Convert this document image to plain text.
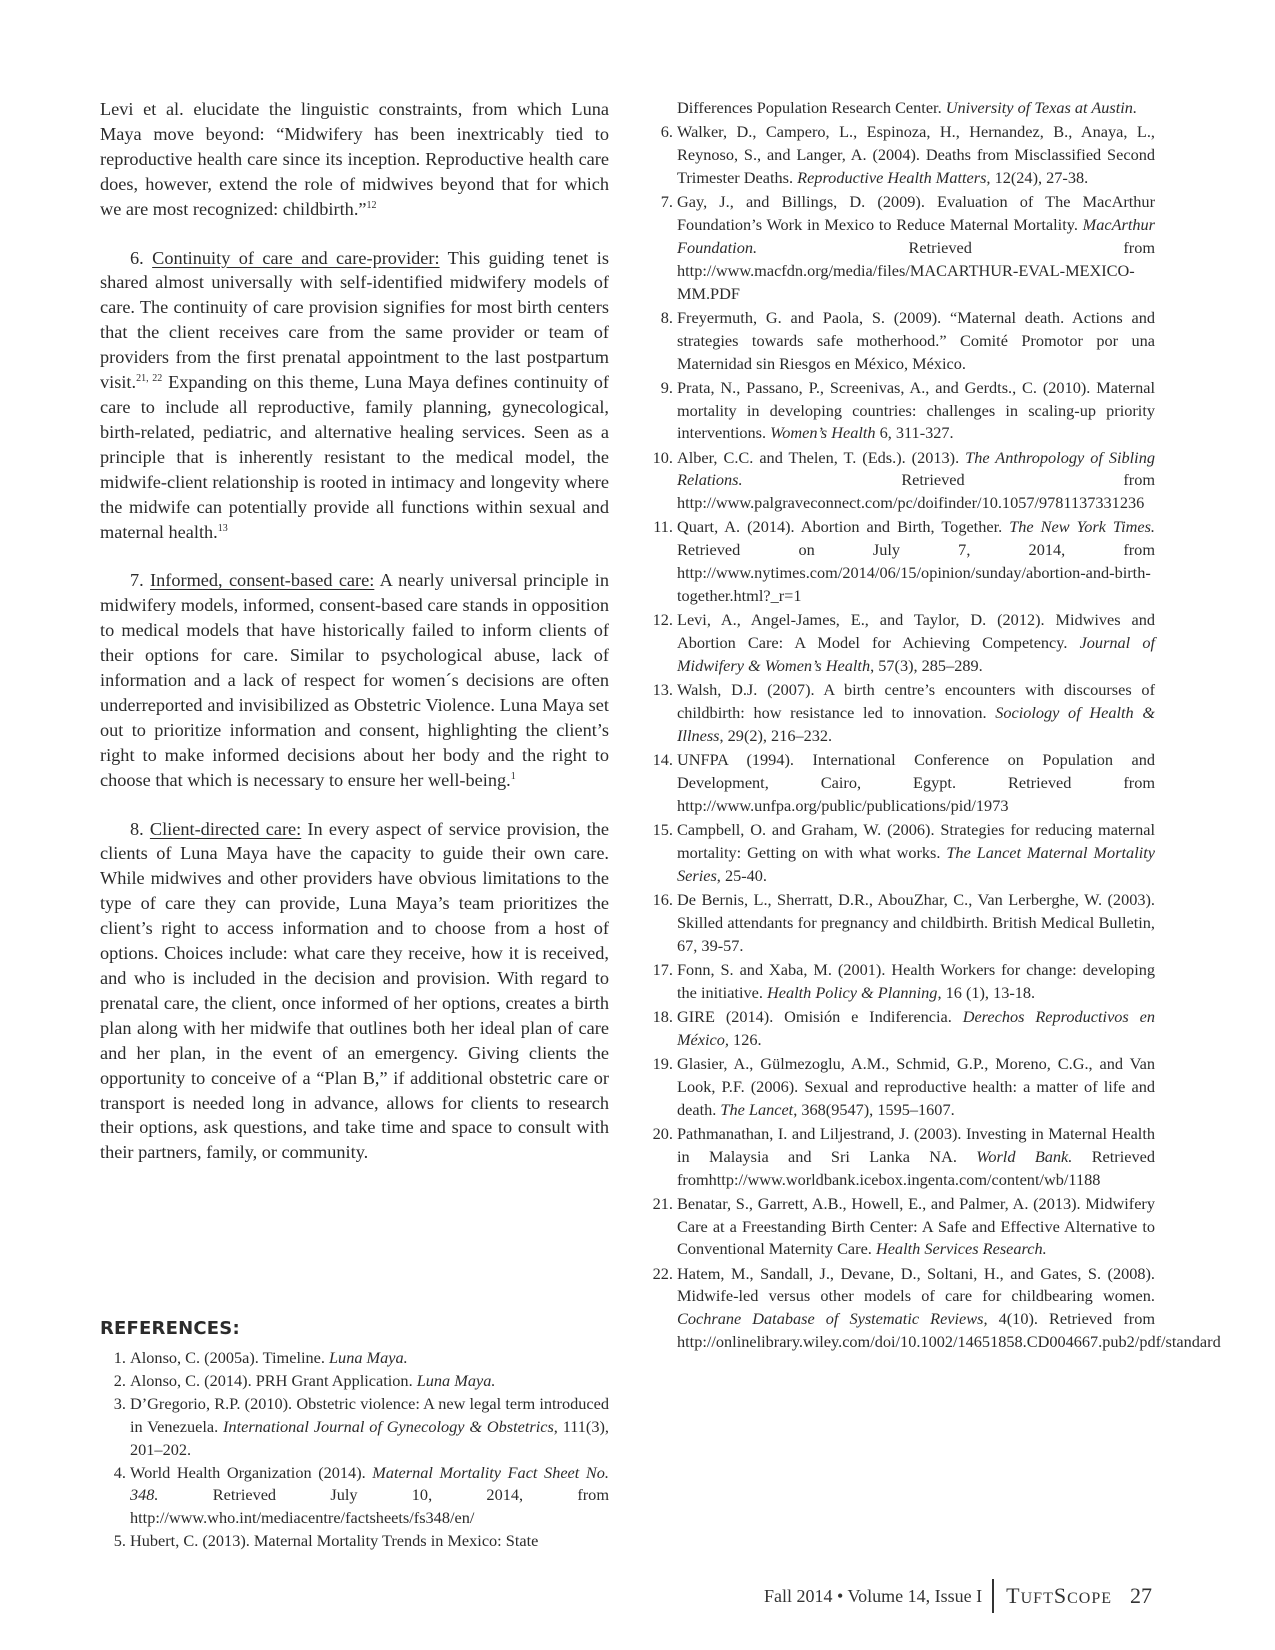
Levi et al. elucidate the linguistic constraints, from which Luna Maya move beyond: “Midwifery has been inextricably tied to reproductive health care since its inception. Reproductive health care does, however, extend the role of midwives beyond that for which we are most recognized: childbirth.”$^{12}$

6. Continuity of care and care-provider: This guiding tenet is shared almost universally with self-identified midwifery models of care. The continuity of care provision signifies for most birth centers that the client receives care from the same provider or team of providers from the first prenatal appointment to the last postpartum visit.$^{21, 22}$ Expanding on this theme, Luna Maya defines continuity of care to include all reproductive, family planning, gynecological, birth-related, pediatric, and alternative healing services. Seen as a principle that is inherently resistant to the medical model, the midwife-client relationship is rooted in intimacy and longevity where the midwife can potentially provide all functions within sexual and maternal health.$^{13}$

7. Informed, consent-based care: A nearly universal principle in midwifery models, informed, consent-based care stands in opposition to medical models that have historically failed to inform clients of their options for care. Similar to psychological abuse, lack of information and a lack of respect for women´s decisions are often underreported and invisibilized as Obstetric Violence. Luna Maya set out to prioritize information and consent, highlighting the client’s right to make informed decisions about her body and the right to choose that which is necessary to ensure her well-being.$^1$

8. Client-directed care: In every aspect of service provision, the clients of Luna Maya have the capacity to guide their own care. While midwives and other providers have obvious limitations to the type of care they can provide, Luna Maya’s team prioritizes the client’s right to access information and to choose from a host of options. Choices include: what care they receive, how it is received, and who is included in the decision and provision. With regard to prenatal care, the client, once informed of her options, creates a birth plan along with her midwife that outlines both her ideal plan of care and her plan, in the event of an emergency. Giving clients the opportunity to conceive of a “Plan B,” if additional obstetric care or transport is needed long in advance, allows for clients to research their options, ask questions, and take time and space to consult with their partners, family, or community.

REFERENCES:
1. Alonso, C. (2005a). Timeline. Luna Maya.
2. Alonso, C. (2014). PRH Grant Application. Luna Maya.
3. D’Gregorio, R.P. (2010). Obstetric violence: A new legal term introduced in Venezuela. International Journal of Gynecology & Obstetrics, 111(3), 201–202.
4. World Health Organization (2014). Maternal Mortality Fact Sheet No. 348. Retrieved July 10, 2014, from http://www.who.int/mediacentre/factsheets/fs348/en/
5. Hubert, C. (2013). Maternal Mortality Trends in Mexico: State
Differences Population Research Center. University of Texas at Austin.
6. Walker, D., Campero, L., Espinoza, H., Hernandez, B., Anaya, L., Reynoso, S., and Langer, A. (2004). Deaths from Misclassified Second Trimester Deaths. Reproductive Health Matters, 12(24), 27-38.
7. Gay, J., and Billings, D. (2009). Evaluation of The MacArthur Foundation’s Work in Mexico to Reduce Maternal Mortality. MacArthur Foundation. Retrieved from http://www.macfdn.org/media/files/MACARTHUR-EVAL-MEXICO-MM.PDF
8. Freyermuth, G. and Paola, S. (2009). “Maternal death. Actions and strategies towards safe motherhood.” Comité Promotor por una Maternidad sin Riesgos en México, México.
9. Prata, N., Passano, P., Screenivas, A., and Gerdts., C. (2010). Maternal mortality in developing countries: challenges in scaling-up priority interventions. Women’s Health 6, 311-327.
10. Alber, C.C. and Thelen, T. (Eds.). (2013). The Anthropology of Sibling Relations. Retrieved from http://www.palgraveconnect.com/pc/doifinder/10.1057/9781137331236
11. Quart, A. (2014). Abortion and Birth, Together. The New York Times. Retrieved on July 7, 2014, from http://www.nytimes.com/2014/06/15/opinion/sunday/abortion-and-birth-together.html?_r=1
12. Levi, A., Angel-James, E., and Taylor, D. (2012). Midwives and Abortion Care: A Model for Achieving Competency. Journal of Midwifery & Women’s Health, 57(3), 285–289.
13. Walsh, D.J. (2007). A birth centre’s encounters with discourses of childbirth: how resistance led to innovation. Sociology of Health & Illness, 29(2), 216–232.
14. UNFPA (1994). International Conference on Population and Development, Cairo, Egypt. Retrieved from http://www.unfpa.org/public/publications/pid/1973
15. Campbell, O. and Graham, W. (2006). Strategies for reducing maternal mortality: Getting on with what works. The Lancet Maternal Mortality Series, 25-40.
16. De Bernis, L., Sherratt, D.R., AbouZhar, C., Van Lerberghe, W. (2003). Skilled attendants for pregnancy and childbirth. British Medical Bulletin, 67, 39-57.
17. Fonn, S. and Xaba, M. (2001). Health Workers for change: developing the initiative. Health Policy & Planning, 16 (1), 13-18.
18. GIRE (2014). Omisión e Indiferencia. Derechos Reproductivos en México, 126.
19. Glasier, A., Gülmezoglu, A.M., Schmid, G.P., Moreno, C.G., and Van Look, P.F. (2006). Sexual and reproductive health: a matter of life and death. The Lancet, 368(9547), 1595–1607.
20. Pathmanathan, I. and Liljestrand, J. (2003). Investing in Maternal Health in Malaysia and Sri Lanka NA. World Bank. Retrieved fromhttp://www.worldbank.icebox.ingenta.com/content/wb/1188
21. Benatar, S., Garrett, A.B., Howell, E., and Palmer, A. (2013). Midwifery Care at a Freestanding Birth Center: A Safe and Effective Alternative to Conventional Maternity Care. Health Services Research.
22. Hatem, M., Sandall, J., Devane, D., Soltani, H., and Gates, S. (2008). Midwife-led versus other models of care for childbearing women. Cochrane Database of Systematic Reviews, 4(10). Retrieved from http://onlinelibrary.wiley.com/doi/10.1002/14651858.CD004667.pub2/pdf/standard
Fall 2014 • Volume 14, Issue I TUFTSCOPE 27
